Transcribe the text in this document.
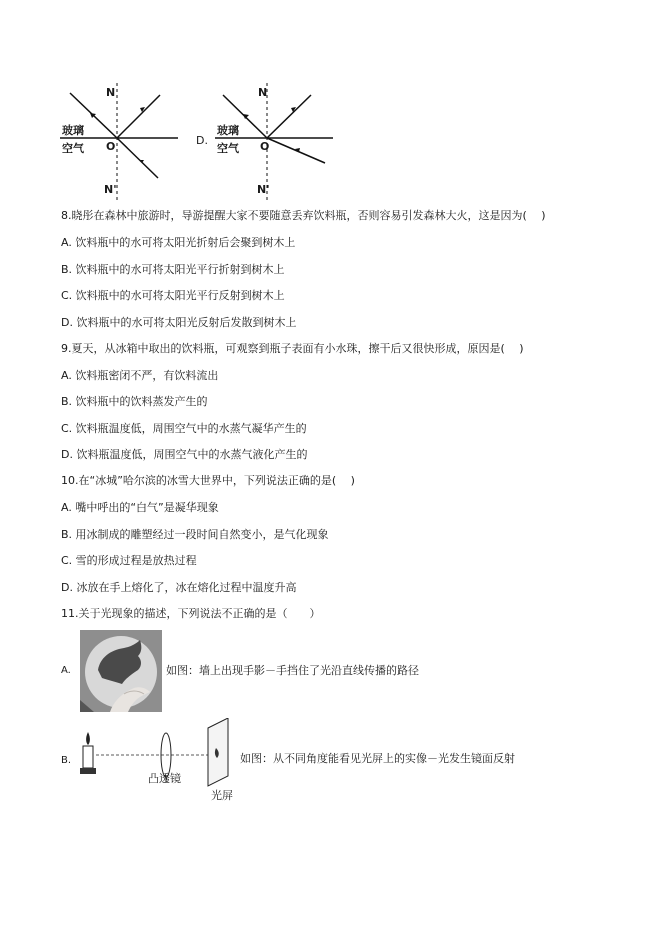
N
玻璃
空气 O
N'
D.
N
玻璃
空气 O
N'
8.晓彤在森林中旅游时，导游提醒大家不要随意丢弃饮料瓶，否则容易引发森林大火，这是因为(　 )
A. 饮料瓶中的水可将太阳光折射后会聚到树木上
B. 饮料瓶中的水可将太阳光平行折射到树木上
C. 饮料瓶中的水可将太阳光平行反射到树木上
D. 饮料瓶中的水可将太阳光反射后发散到树木上
9.夏天，从冰箱中取出的饮料瓶，可观察到瓶子表面有小水珠，擦干后又很快形成，原因是(　 )
A. 饮料瓶密闭不严，有饮料流出
B. 饮料瓶中的饮料蒸发产生的
C. 饮料瓶温度低，周围空气中的水蒸气凝华产生的
D. 饮料瓶温度低，周围空气中的水蒸气液化产生的
10.在“冰城”哈尔滨的冰雪大世界中，下列说法正确的是(　 )
A. 嘴中呼出的“白气”是凝华现象
B. 用冰制成的雕塑经过一段时间自然变小，是气化现象
C. 雪的形成过程是放热过程
D. 冰放在手上熔化了，冰在熔化过程中温度升高
11.关于光现象的描述，下列说法不正确的是（　　）
A.	如图：墙上出现手影－手挡住了光沿直线传播的路径
B.
凸透镜
光屏
如图：从不同角度能看见光屏上的实像－光发生镜面反射
